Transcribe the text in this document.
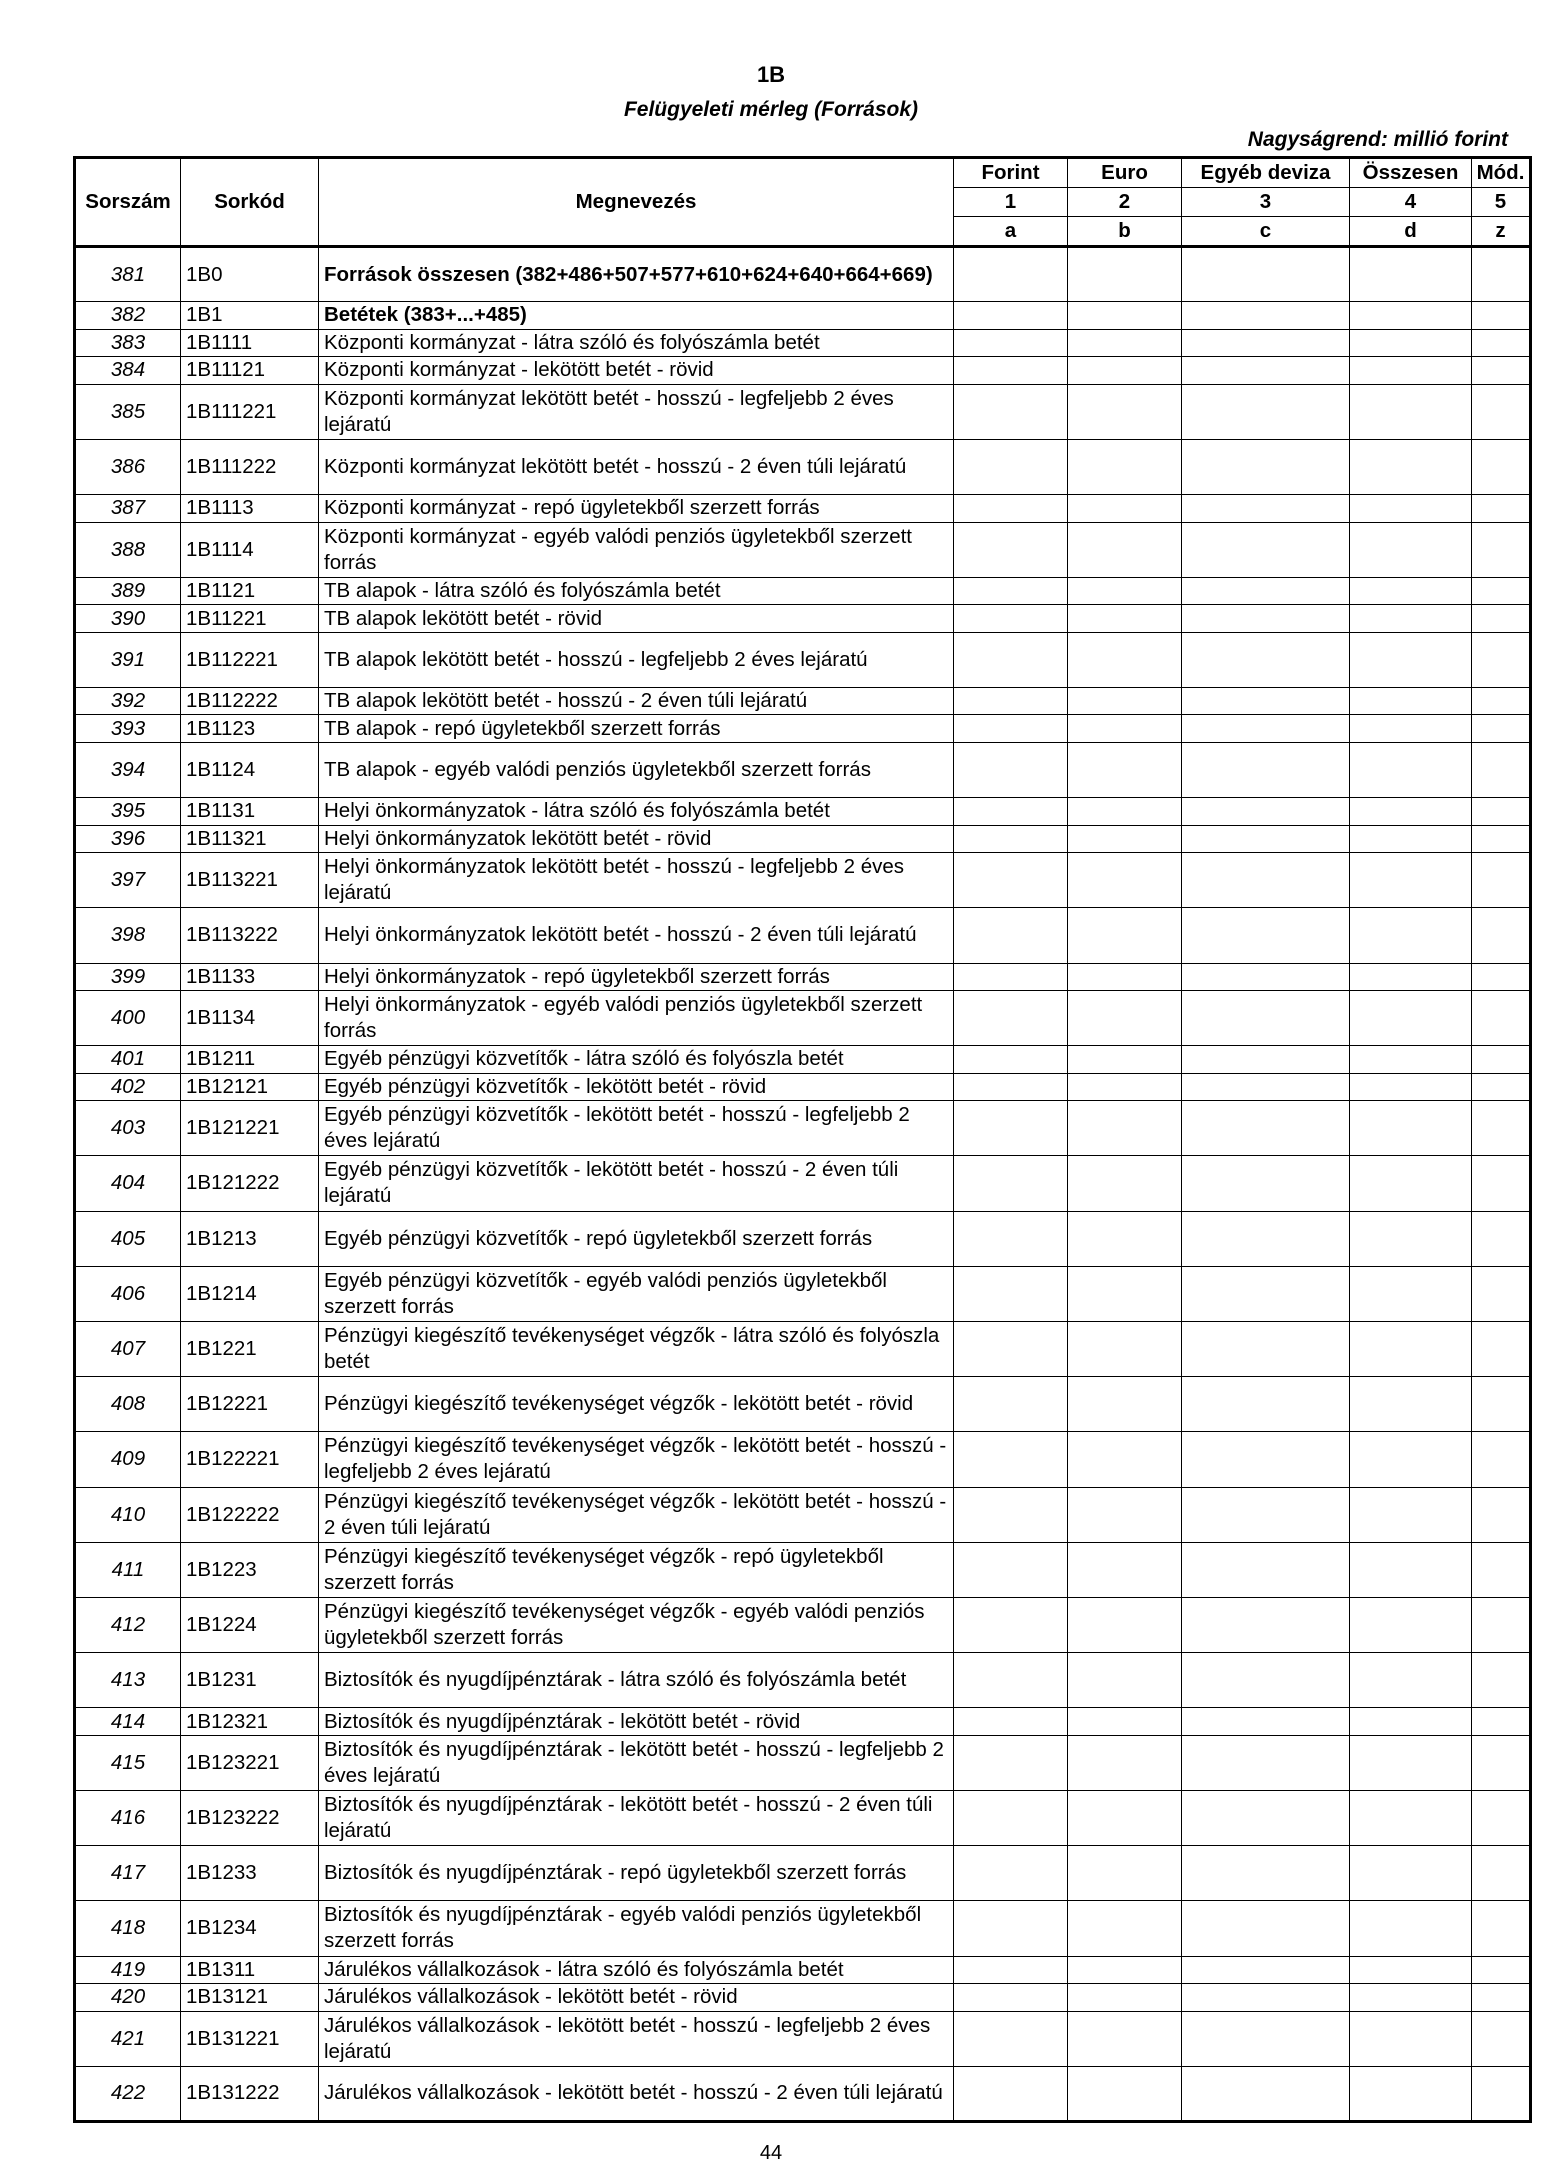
1B
Felügyeleti mérleg (Források)
Nagyságrend: millió forint
Sorszám	Sorkód	Megnevezés	Forint	Euro	Egyéb deviza	Összesen	Mód.
			1	2	3	4	5
			a	b	c	d	z
381	1B0	Források összesen (382+486+507+577+610+624+640+664+669)					
382	1B1	Betétek (383+...+485)					
383	1B1111	Központi kormányzat - látra szóló és folyószámla betét					
384	1B11121	Központi kormányzat - lekötött betét - rövid					
385	1B111221	Központi kormányzat lekötött betét - hosszú - legfeljebb 2 éves lejáratú					
386	1B111222	Központi kormányzat lekötött betét - hosszú - 2 éven túli lejáratú					
387	1B1113	Központi kormányzat - repó ügyletekből szerzett forrás					
388	1B1114	Központi kormányzat - egyéb valódi penziós ügyletekből szerzett forrás					
389	1B1121	TB alapok - látra szóló és folyószámla betét					
390	1B11221	TB alapok lekötött betét - rövid					
391	1B112221	TB alapok lekötött betét - hosszú - legfeljebb 2 éves lejáratú					
392	1B112222	TB alapok lekötött betét - hosszú - 2 éven túli lejáratú					
393	1B1123	TB alapok - repó ügyletekből szerzett forrás					
394	1B1124	TB alapok - egyéb valódi penziós ügyletekből szerzett forrás					
395	1B1131	Helyi önkormányzatok - látra szóló és folyószámla betét					
396	1B11321	Helyi önkormányzatok lekötött betét - rövid					
397	1B113221	Helyi önkormányzatok lekötött betét - hosszú - legfeljebb 2 éves lejáratú					
398	1B113222	Helyi önkormányzatok lekötött betét - hosszú - 2 éven túli lejáratú					
399	1B1133	Helyi önkormányzatok - repó ügyletekből szerzett forrás					
400	1B1134	Helyi önkormányzatok - egyéb valódi penziós ügyletekből szerzett forrás					
401	1B1211	Egyéb pénzügyi közvetítők - látra szóló és folyószla betét					
402	1B12121	Egyéb pénzügyi közvetítők - lekötött betét - rövid					
403	1B121221	Egyéb pénzügyi közvetítők - lekötött betét - hosszú - legfeljebb 2 éves lejáratú					
404	1B121222	Egyéb pénzügyi közvetítők - lekötött betét - hosszú - 2 éven túli lejáratú					
405	1B1213	Egyéb pénzügyi közvetítők - repó ügyletekből szerzett forrás					
406	1B1214	Egyéb pénzügyi közvetítők - egyéb valódi penziós ügyletekből szerzett forrás					
407	1B1221	Pénzügyi kiegészítő tevékenységet végzők - látra szóló és folyószla betét					
408	1B12221	Pénzügyi kiegészítő tevékenységet végzők - lekötött betét - rövid					
409	1B122221	Pénzügyi kiegészítő tevékenységet végzők - lekötött betét - hosszú - legfeljebb 2 éves lejáratú					
410	1B122222	Pénzügyi kiegészítő tevékenységet végzők - lekötött betét - hosszú - 2 éven túli lejáratú					
411	1B1223	Pénzügyi kiegészítő tevékenységet végzők - repó ügyletekből szerzett forrás					
412	1B1224	Pénzügyi kiegészítő tevékenységet végzők - egyéb valódi penziós ügyletekből szerzett forrás					
413	1B1231	Biztosítók és nyugdíjpénztárak - látra szóló és folyószámla betét					
414	1B12321	Biztosítók és nyugdíjpénztárak - lekötött betét - rövid					
415	1B123221	Biztosítók és nyugdíjpénztárak - lekötött betét - hosszú - legfeljebb 2 éves lejáratú					
416	1B123222	Biztosítók és nyugdíjpénztárak - lekötött betét - hosszú - 2 éven túli lejáratú					
417	1B1233	Biztosítók és nyugdíjpénztárak - repó ügyletekből szerzett forrás					
418	1B1234	Biztosítók és nyugdíjpénztárak - egyéb valódi penziós ügyletekből szerzett forrás					
419	1B1311	Járulékos vállalkozások - látra szóló és folyószámla betét					
420	1B13121	Járulékos vállalkozások - lekötött betét - rövid					
421	1B131221	Járulékos vállalkozások - lekötött betét - hosszú - legfeljebb 2 éves lejáratú					
422	1B131222	Járulékos vállalkozások - lekötött betét - hosszú - 2 éven túli lejáratú					
44
